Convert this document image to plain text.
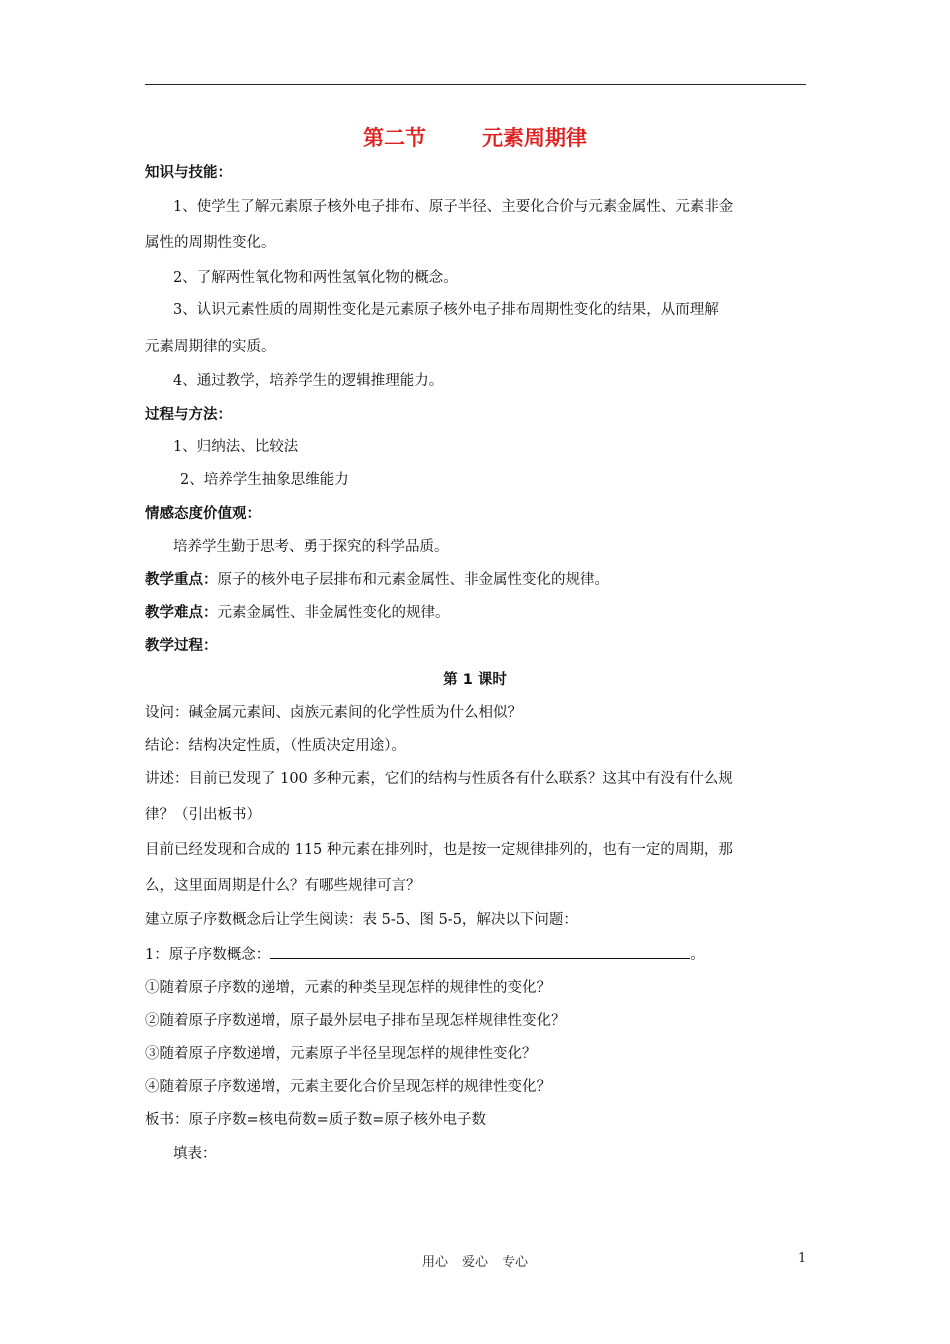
第二节	元素周期律
知识与技能：
1、使学生了解元素原子核外电子排布、原子半径、主要化合价与元素金属性、元素非金
属性的周期性变化。
2、了解两性氧化物和两性氢氧化物的概念。
3、认识元素性质的周期性变化是元素原子核外电子排布周期性变化的结果，从而理解
元素周期律的实质。
4、通过教学，培养学生的逻辑推理能力。
过程与方法：
1、归纳法、比较法
2、培养学生抽象思维能力
情感态度价值观：
培养学生勤于思考、勇于探究的科学品质。
教学重点：原子的核外电子层排布和元素金属性、非金属性变化的规律。
教学难点：元素金属性、非金属性变化的规律。
教学过程：
第 1 课时
设问：碱金属元素间、卤族元素间的化学性质为什么相似？
结论：结构决定性质，（性质决定用途）。
讲述：目前已发现了 100 多种元素，它们的结构与性质各有什么联系？这其中有没有什么规
律？（引出板书）
目前已经发现和合成的 115 种元素在排列时，也是按一定规律排列的，也有一定的周期，那
么，这里面周期是什么？有哪些规律可言？
建立原子序数概念后让学生阅读：表 5-5、图 5-5，解决以下问题：
1：原子序数概念：	。
①随着原子序数的递增，元素的种类呈现怎样的规律性的变化？
②随着原子序数递增，原子最外层电子排布呈现怎样规律性变化？
③随着原子序数递增，元素原子半径呈现怎样的规律性变化？
④随着原子序数递增，元素主要化合价呈现怎样的规律性变化？
板书：原子序数=核电荷数=质子数=原子核外电子数
填表：
用心 爱心 专心	1
